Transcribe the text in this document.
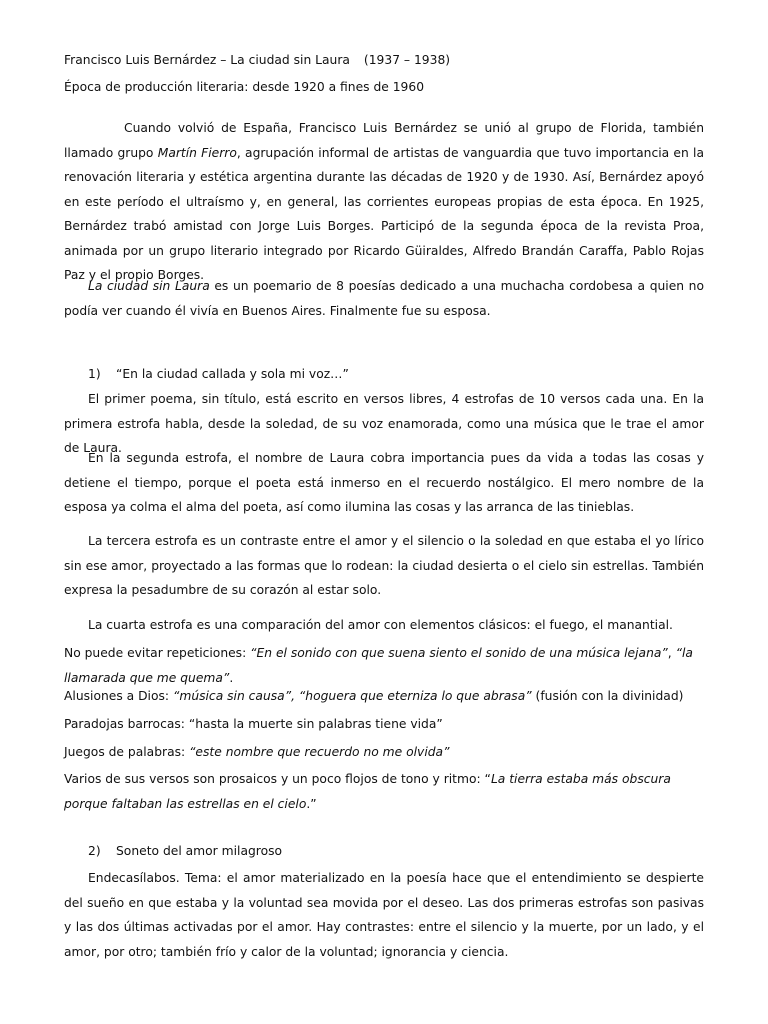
Francisco Luis Bernárdez – La ciudad sin Laura (1937 – 1938)
Época de producción literaria: desde 1920 a fines de 1960

Cuando volvió de España, Francisco Luis Bernárdez se unió al grupo de Florida, también llamado grupo Martín Fierro, agrupación informal de artistas de vanguardia que tuvo importancia en la renovación literaria y estética argentina durante las décadas de 1920 y de 1930. Así, Bernárdez apoyó en este período el ultraísmo y, en general, las corrientes europeas propias de esta época. En 1925, Bernárdez trabó amistad con Jorge Luis Borges. Participó de la segunda época de la revista Proa, animada por un grupo literario integrado por Ricardo Güiraldes, Alfredo Brandán Caraffa, Pablo Rojas Paz y el propio Borges.

La ciudad sin Laura es un poemario de 8 poesías dedicado a una muchacha cordobesa a quien no podía ver cuando él vivía en Buenos Aires. Finalmente fue su esposa.

1) “En la ciudad callada y sola mi voz…”

El primer poema, sin título, está escrito en versos libres, 4 estrofas de 10 versos cada una. En la primera estrofa habla, desde la soledad, de su voz enamorada, como una música que le trae el amor de Laura.

En la segunda estrofa, el nombre de Laura cobra importancia pues da vida a todas las cosas y detiene el tiempo, porque el poeta está inmerso en el recuerdo nostálgico. El mero nombre de la esposa ya colma el alma del poeta, así como ilumina las cosas y las arranca de las tinieblas.

La tercera estrofa es un contraste entre el amor y el silencio o la soledad en que estaba el yo lírico sin ese amor, proyectado a las formas que lo rodean: la ciudad desierta o el cielo sin estrellas. También expresa la pesadumbre de su corazón al estar solo.

La cuarta estrofa es una comparación del amor con elementos clásicos: el fuego, el manantial.

No puede evitar repeticiones: “En el sonido con que suena siento el sonido de una música lejana”, “la llamarada que me quema”.
Alusiones a Dios: “música sin causa”, “hoguera que eterniza lo que abrasa” (fusión con la divinidad)
Paradojas barrocas: “hasta la muerte sin palabras tiene vida”
Juegos de palabras: “este nombre que recuerdo no me olvida”
Varios de sus versos son prosaicos y un poco flojos de tono y ritmo: “La tierra estaba más obscura porque faltaban las estrellas en el cielo.”
2) Soneto del amor milagroso

Endecasílabos. Tema: el amor materializado en la poesía hace que el entendimiento se despierte del sueño en que estaba y la voluntad sea movida por el deseo. Las dos primeras estrofas son pasivas y las dos últimas activadas por el amor. Hay contrastes: entre el silencio y la muerte, por un lado, y el amor, por otro; también frío y calor de la voluntad; ignorancia y ciencia.
